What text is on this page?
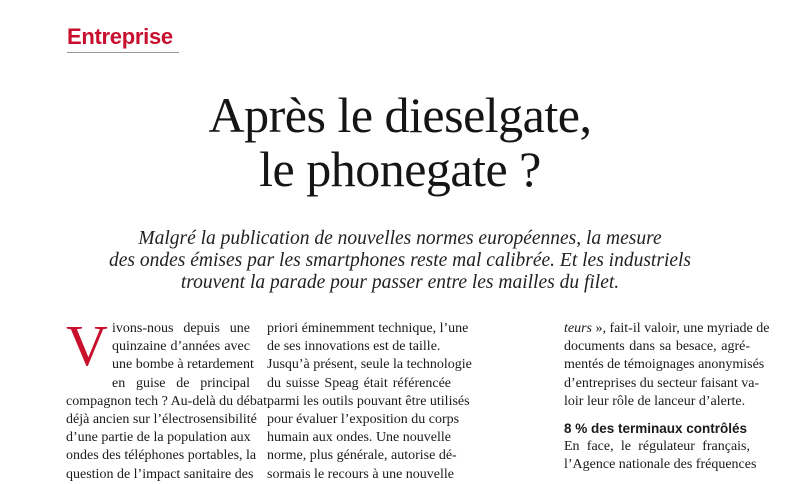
Entreprise
Après le dieselgate,
le phonegate ?

Malgré la publication de nouvelles normes européennes, la mesure
des ondes émises par les smartphones reste mal calibrée. Et les industriels
trouvent la parade pour passer entre les mailles du filet.

V ivons-nous depuis une
quinzaine d’années avec
une bombe à retardement
en guise de principal
compagnon tech ? Au-delà du débat
déjà ancien sur l’électrosensibilité
d’une partie de la population aux
ondes des téléphones portables, la
question de l’impact sanitaire des
priori éminemment technique, l’une
de ses innovations est de taille.
Jusqu’à présent, seule la technologie
du suisse Speag était référencée
parmi les outils pouvant être utilisés
pour évaluer l’exposition du corps
humain aux ondes. Une nouvelle
norme, plus générale, autorise dé-
sormais le recours à une nouvelle
teurs », fait-il valoir, une myriade de
documents dans sa besace, agré-
mentés de témoignages anonymisés
d’entreprises du secteur faisant va-
loir leur rôle de lanceur d’alerte.
8 % des terminaux contrôlés
En face, le régulateur français,
l’Agence nationale des fréquences
